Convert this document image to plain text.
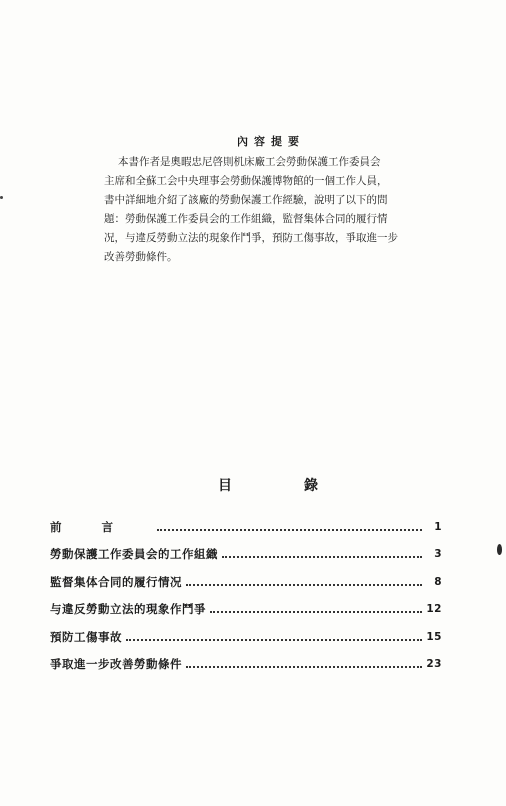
內容提要
本書作者是奧暇忠尼啓則机床廠工会勞動保護工作委員会
主席和全蘇工会中央理事会勞動保護博物館的一個工作人員，
書中詳細地介紹了該廠的勞動保護工作經驗，說明了以下的問
題：勞動保護工作委員会的工作組織，監督集体合同的履行情
况，与違反勞動立法的現象作鬥爭，預防工傷事故，爭取進一步
改善勞動條件。
目	錄
前言	1
勞動保護工作委員会的工作組織	3
監督集体合同的履行情况	8
与違反勞動立法的現象作鬥爭	12
預防工傷事故	15
爭取進一步改善勞動條件	23
